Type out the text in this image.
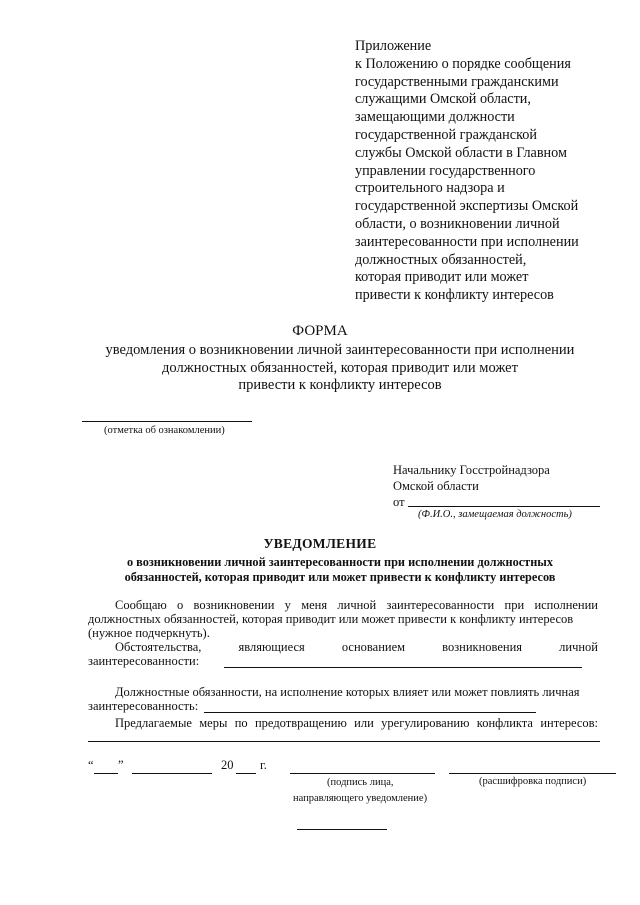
Приложение
к Положению о порядке сообщения
государственными гражданскими
служащими Омской области,
замещающими должности
государственной гражданской
службы Омской области в Главном
управлении государственного
строительного надзора и
государственной экспертизы Омской
области, о возникновении личной
заинтересованности при исполнении
должностных обязанностей,
которая приводит или может
привести к конфликту интересов
ФОРМА
уведомления о возникновении личной заинтересованности при исполнении
должностных обязанностей, которая приводит или может
привести к конфликту интересов
(отметка об ознакомлении)
Начальнику Госстройнадзора
Омской области
от
(Ф.И.О., замещаемая должность)
УВЕДОМЛЕНИЕ
о возникновении личной заинтересованности при исполнении должностных
обязанностей, которая приводит или может привести к конфликту интересов
Сообщаю о возникновении у меня личной заинтересованности при исполнении
должностных обязанностей, которая приводит или может привести к конфликту интересов
(нужное подчеркнуть).
Обстоятельства, являющиеся основанием возникновения личной
заинтересованности:
Должностные обязанности, на исполнение которых влияет или может повлиять личная
заинтересованность:
Предлагаемые меры по предотвращению или урегулированию конфликта интересов:
“ ”	20 г.
(подпись лица,
направляющего уведомление)
(расшифровка подписи)
